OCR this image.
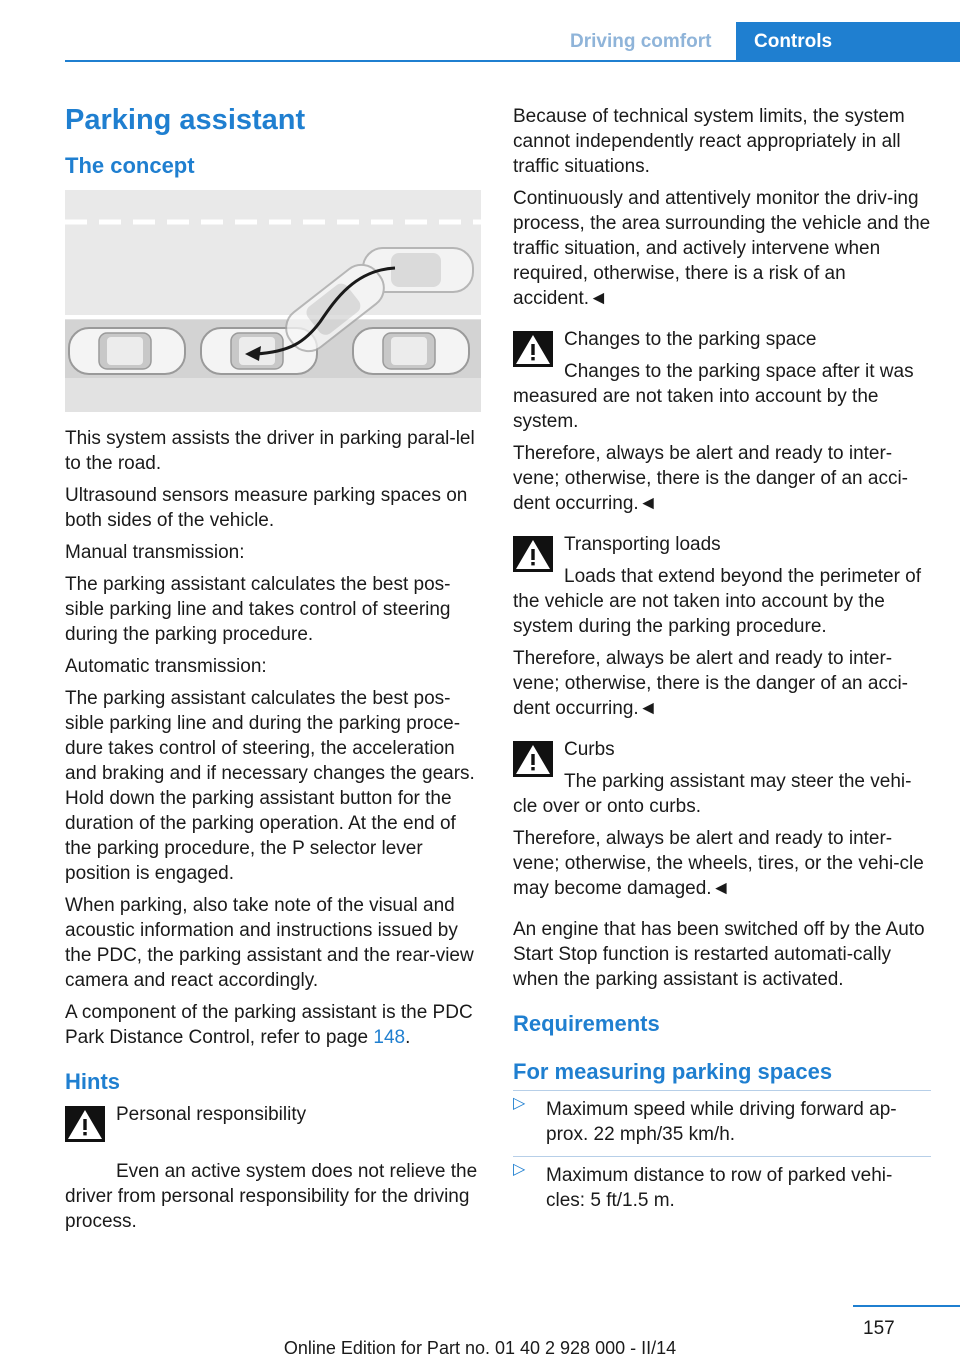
Driving comfort	Controls
Parking assistant
The concept

This system assists the driver in parking paral-lel to the road.

Ultrasound sensors measure parking spaces on both sides of the vehicle.

Manual transmission:

The parking assistant calculates the best pos-sible parking line and takes control of steering during the parking procedure.

Automatic transmission:

The parking assistant calculates the best pos-sible parking line and during the parking proce-dure takes control of steering, the acceleration and braking and if necessary changes the gears. Hold down the parking assistant button for the duration of the parking operation. At the end of the parking procedure, the P selector lever position is engaged.

When parking, also take note of the visual and acoustic information and instructions issued by the PDC, the parking assistant and the rear-view camera and react accordingly.

A component of the parking assistant is the PDC Park Distance Control, refer to page 148.

Hints

Personal responsibility

Even an active system does not relieve the driver from personal responsibility for the driving process.

Because of technical system limits, the system cannot independently react appropriately in all traffic situations.

Continuously and attentively monitor the driv-ing process, the area surrounding the vehicle and the traffic situation, and actively intervene when required, otherwise, there is a risk of an accident.◄

Changes to the parking space

Changes to the parking space after it was measured are not taken into account by the system.

Therefore, always be alert and ready to inter-vene; otherwise, there is the danger of an acci-dent occurring.◄

Transporting loads

Loads that extend beyond the perimeter of the vehicle are not taken into account by the system during the parking procedure.

Therefore, always be alert and ready to inter-vene; otherwise, there is the danger of an acci-dent occurring.◄

Curbs

The parking assistant may steer the vehi-cle over or onto curbs.

Therefore, always be alert and ready to inter-vene; otherwise, the wheels, tires, or the vehi-cle may become damaged.◄

An engine that has been switched off by the Auto Start Stop function is restarted automati-cally when the parking assistant is activated.

Requirements
For measuring parking spaces
▷ Maximum speed while driving forward ap-prox. 22 mph/35 km/h.
▷ Maximum distance to row of parked vehi-cles: 5 ft/1.5 m.
157
Online Edition for Part no. 01 40 2 928 000 - II/14
